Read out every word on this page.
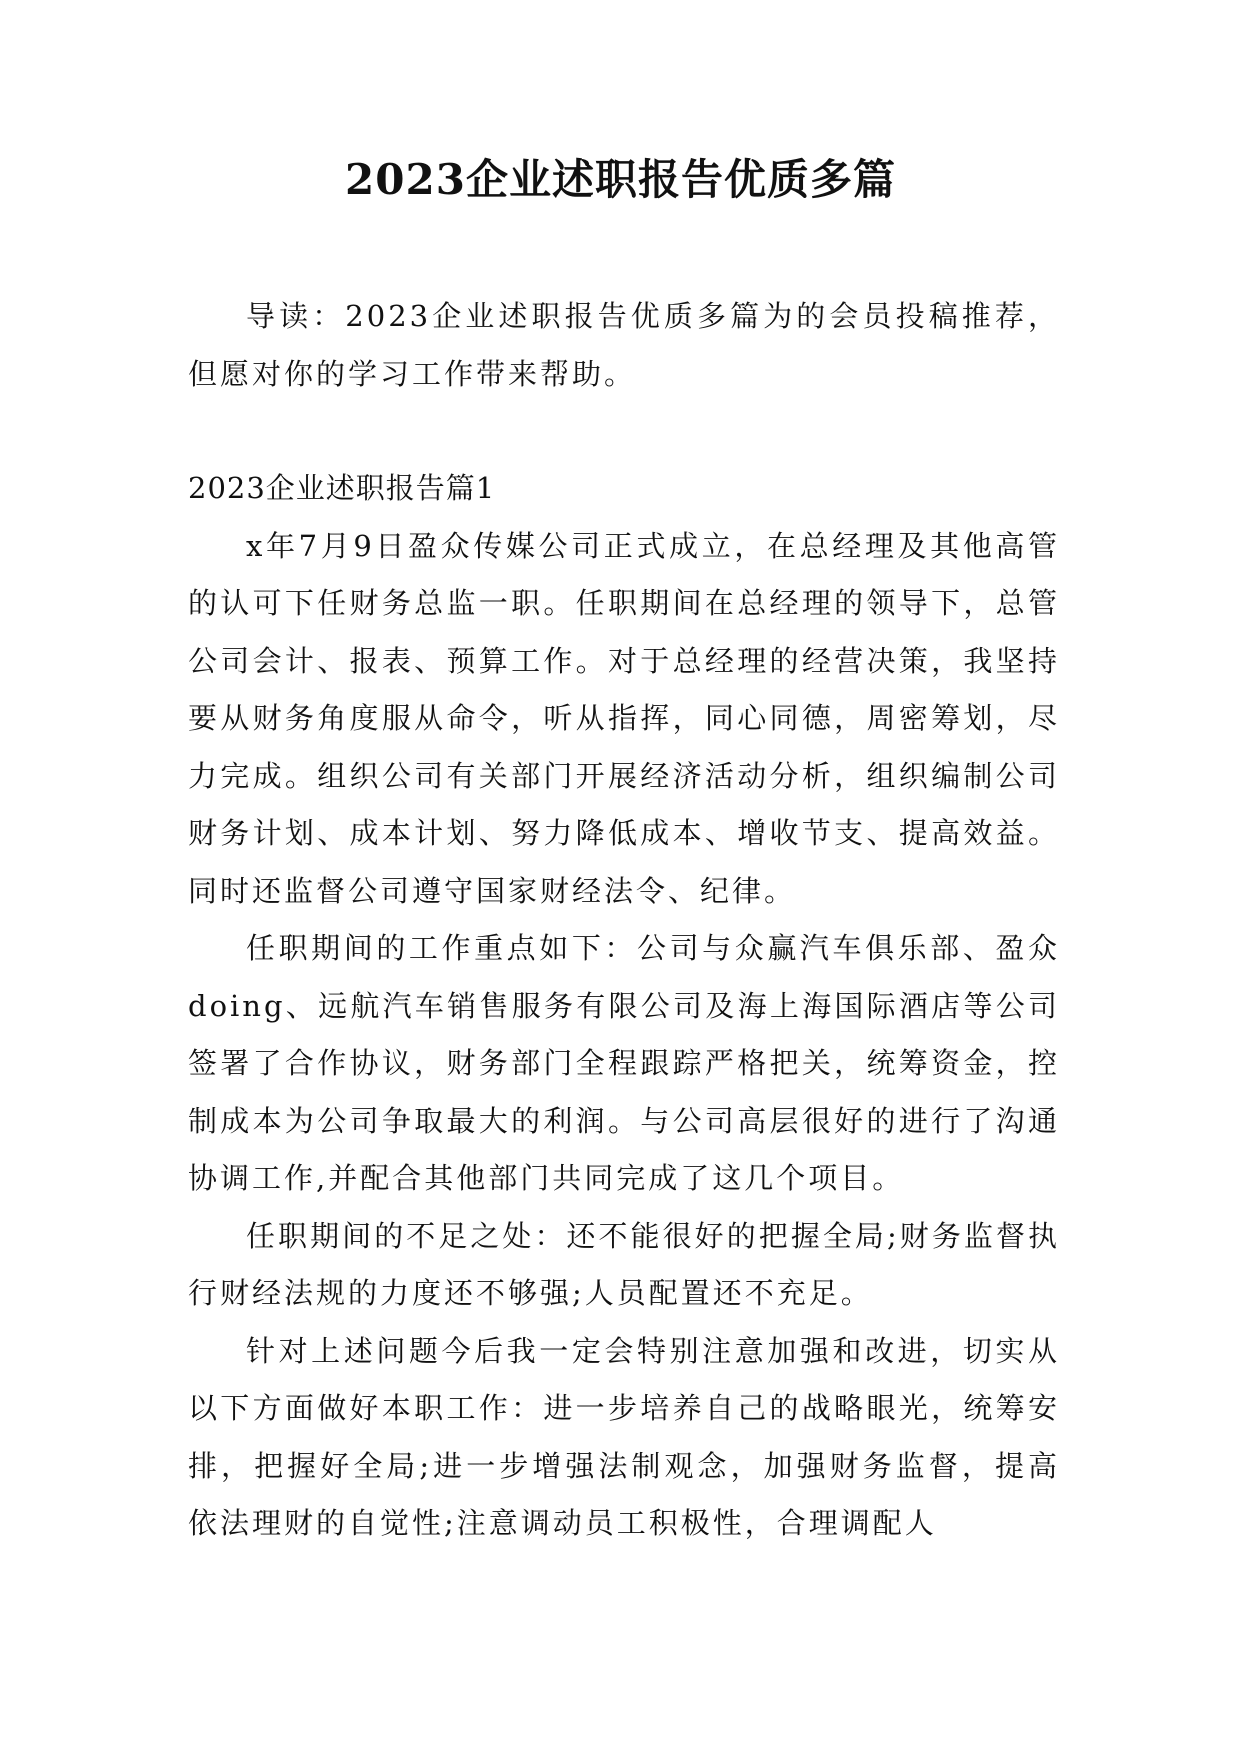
2023企业述职报告优质多篇

导读：2023企业述职报告优质多篇为的会员投稿推荐，但愿对你的学习工作带来帮助。

2023企业述职报告篇1

x年7月9日盈众传媒公司正式成立，在总经理及其他高管的认可下任财务总监一职。任职期间在总经理的领导下，总管公司会计、报表、预算工作。对于总经理的经营决策，我坚持要从财务角度服从命令，听从指挥，同心同德，周密筹划，尽力完成。组织公司有关部门开展经济活动分析，组织编制公司财务计划、成本计划、努力降低成本、增收节支、提高效益。同时还监督公司遵守国家财经法令、纪律。

任职期间的工作重点如下：公司与众赢汽车俱乐部、盈众doing、远航汽车销售服务有限公司及海上海国际酒店等公司签署了合作协议，财务部门全程跟踪严格把关，统筹资金，控制成本为公司争取最大的利润。与公司高层很好的进行了沟通协调工作,并配合其他部门共同完成了这几个项目。

任职期间的不足之处：还不能很好的把握全局;财务监督执行财经法规的力度还不够强;人员配置还不充足。

针对上述问题今后我一定会特别注意加强和改进，切实从以下方面做好本职工作：进一步培养自己的战略眼光，统筹安排，把握好全局;进一步增强法制观念，加强财务监督，提高依法理财的自觉性;注意调动员工积极性，合理调配人
